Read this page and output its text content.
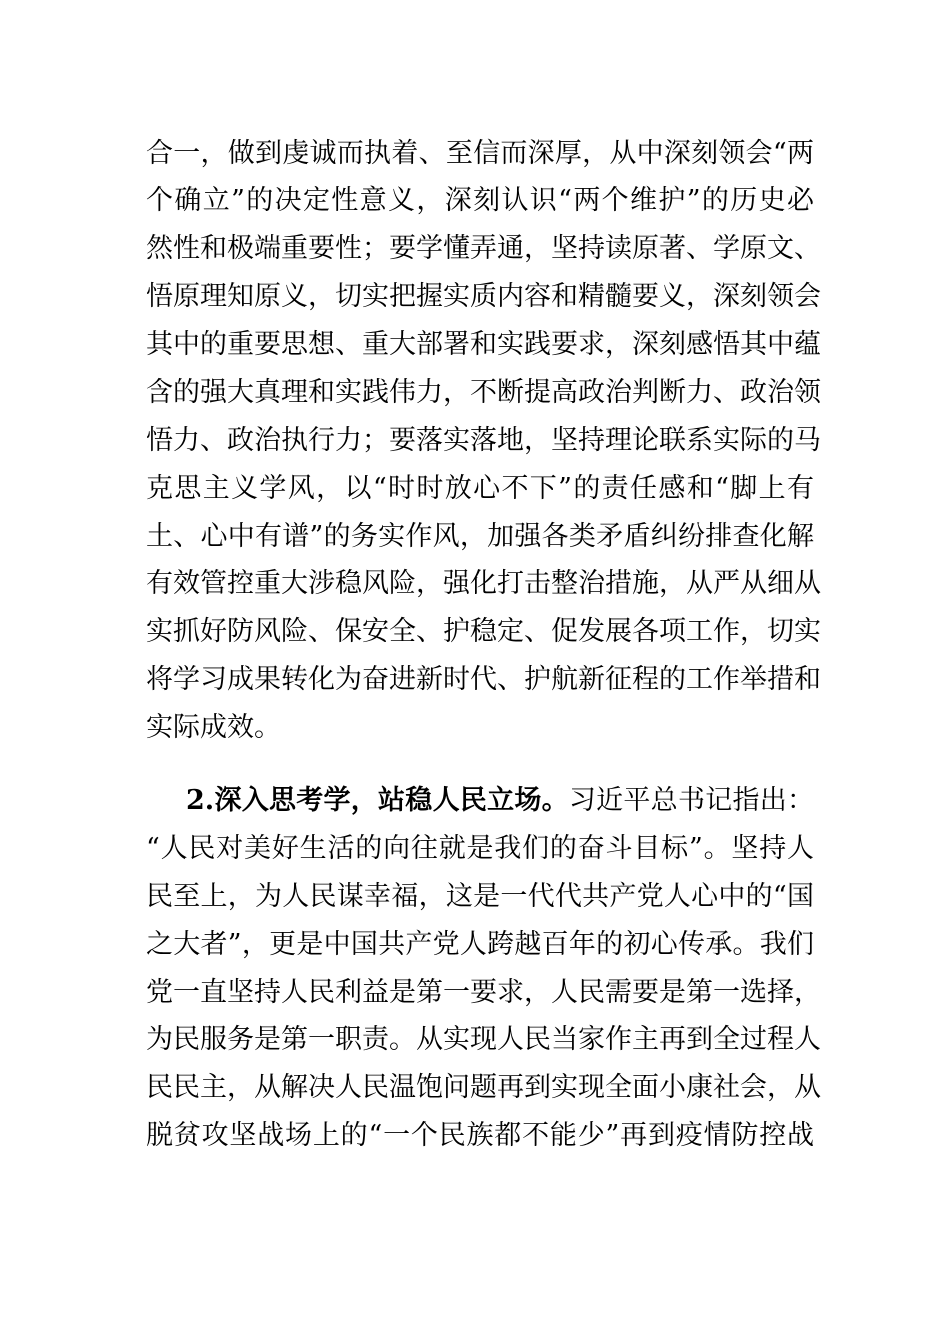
合一，做到虔诚而执着、至信而深厚，从中深刻领会“两
个确立”的决定性意义，深刻认识“两个维护”的历史必
然性和极端重要性；要学懂弄通，坚持读原著、学原文、
悟原理知原义，切实把握实质内容和精髓要义，深刻领会
其中的重要思想、重大部署和实践要求，深刻感悟其中蕴
含的强大真理和实践伟力，不断提高政治判断力、政治领
悟力、政治执行力；要落实落地，坚持理论联系实际的马
克思主义学风，以“时时放心不下”的责任感和“脚上有
土、心中有谱”的务实作风，加强各类矛盾纠纷排查化解
有效管控重大涉稳风险，强化打击整治措施，从严从细从
实抓好防风险、保安全、护稳定、促发展各项工作，切实
将学习成果转化为奋进新时代、护航新征程的工作举措和
实际成效。
2.深入思考学，站稳人民立场。习近平总书记指出：
“人民对美好生活的向往就是我们的奋斗目标”。坚持人
民至上，为人民谋幸福，这是一代代共产党人心中的“国
之大者”，更是中国共产党人跨越百年的初心传承。我们
党一直坚持人民利益是第一要求，人民需要是第一选择，
为民服务是第一职责。从实现人民当家作主再到全过程人
民民主，从解决人民温饱问题再到实现全面小康社会，从
脱贫攻坚战场上的“一个民族都不能少”再到疫情防控战
